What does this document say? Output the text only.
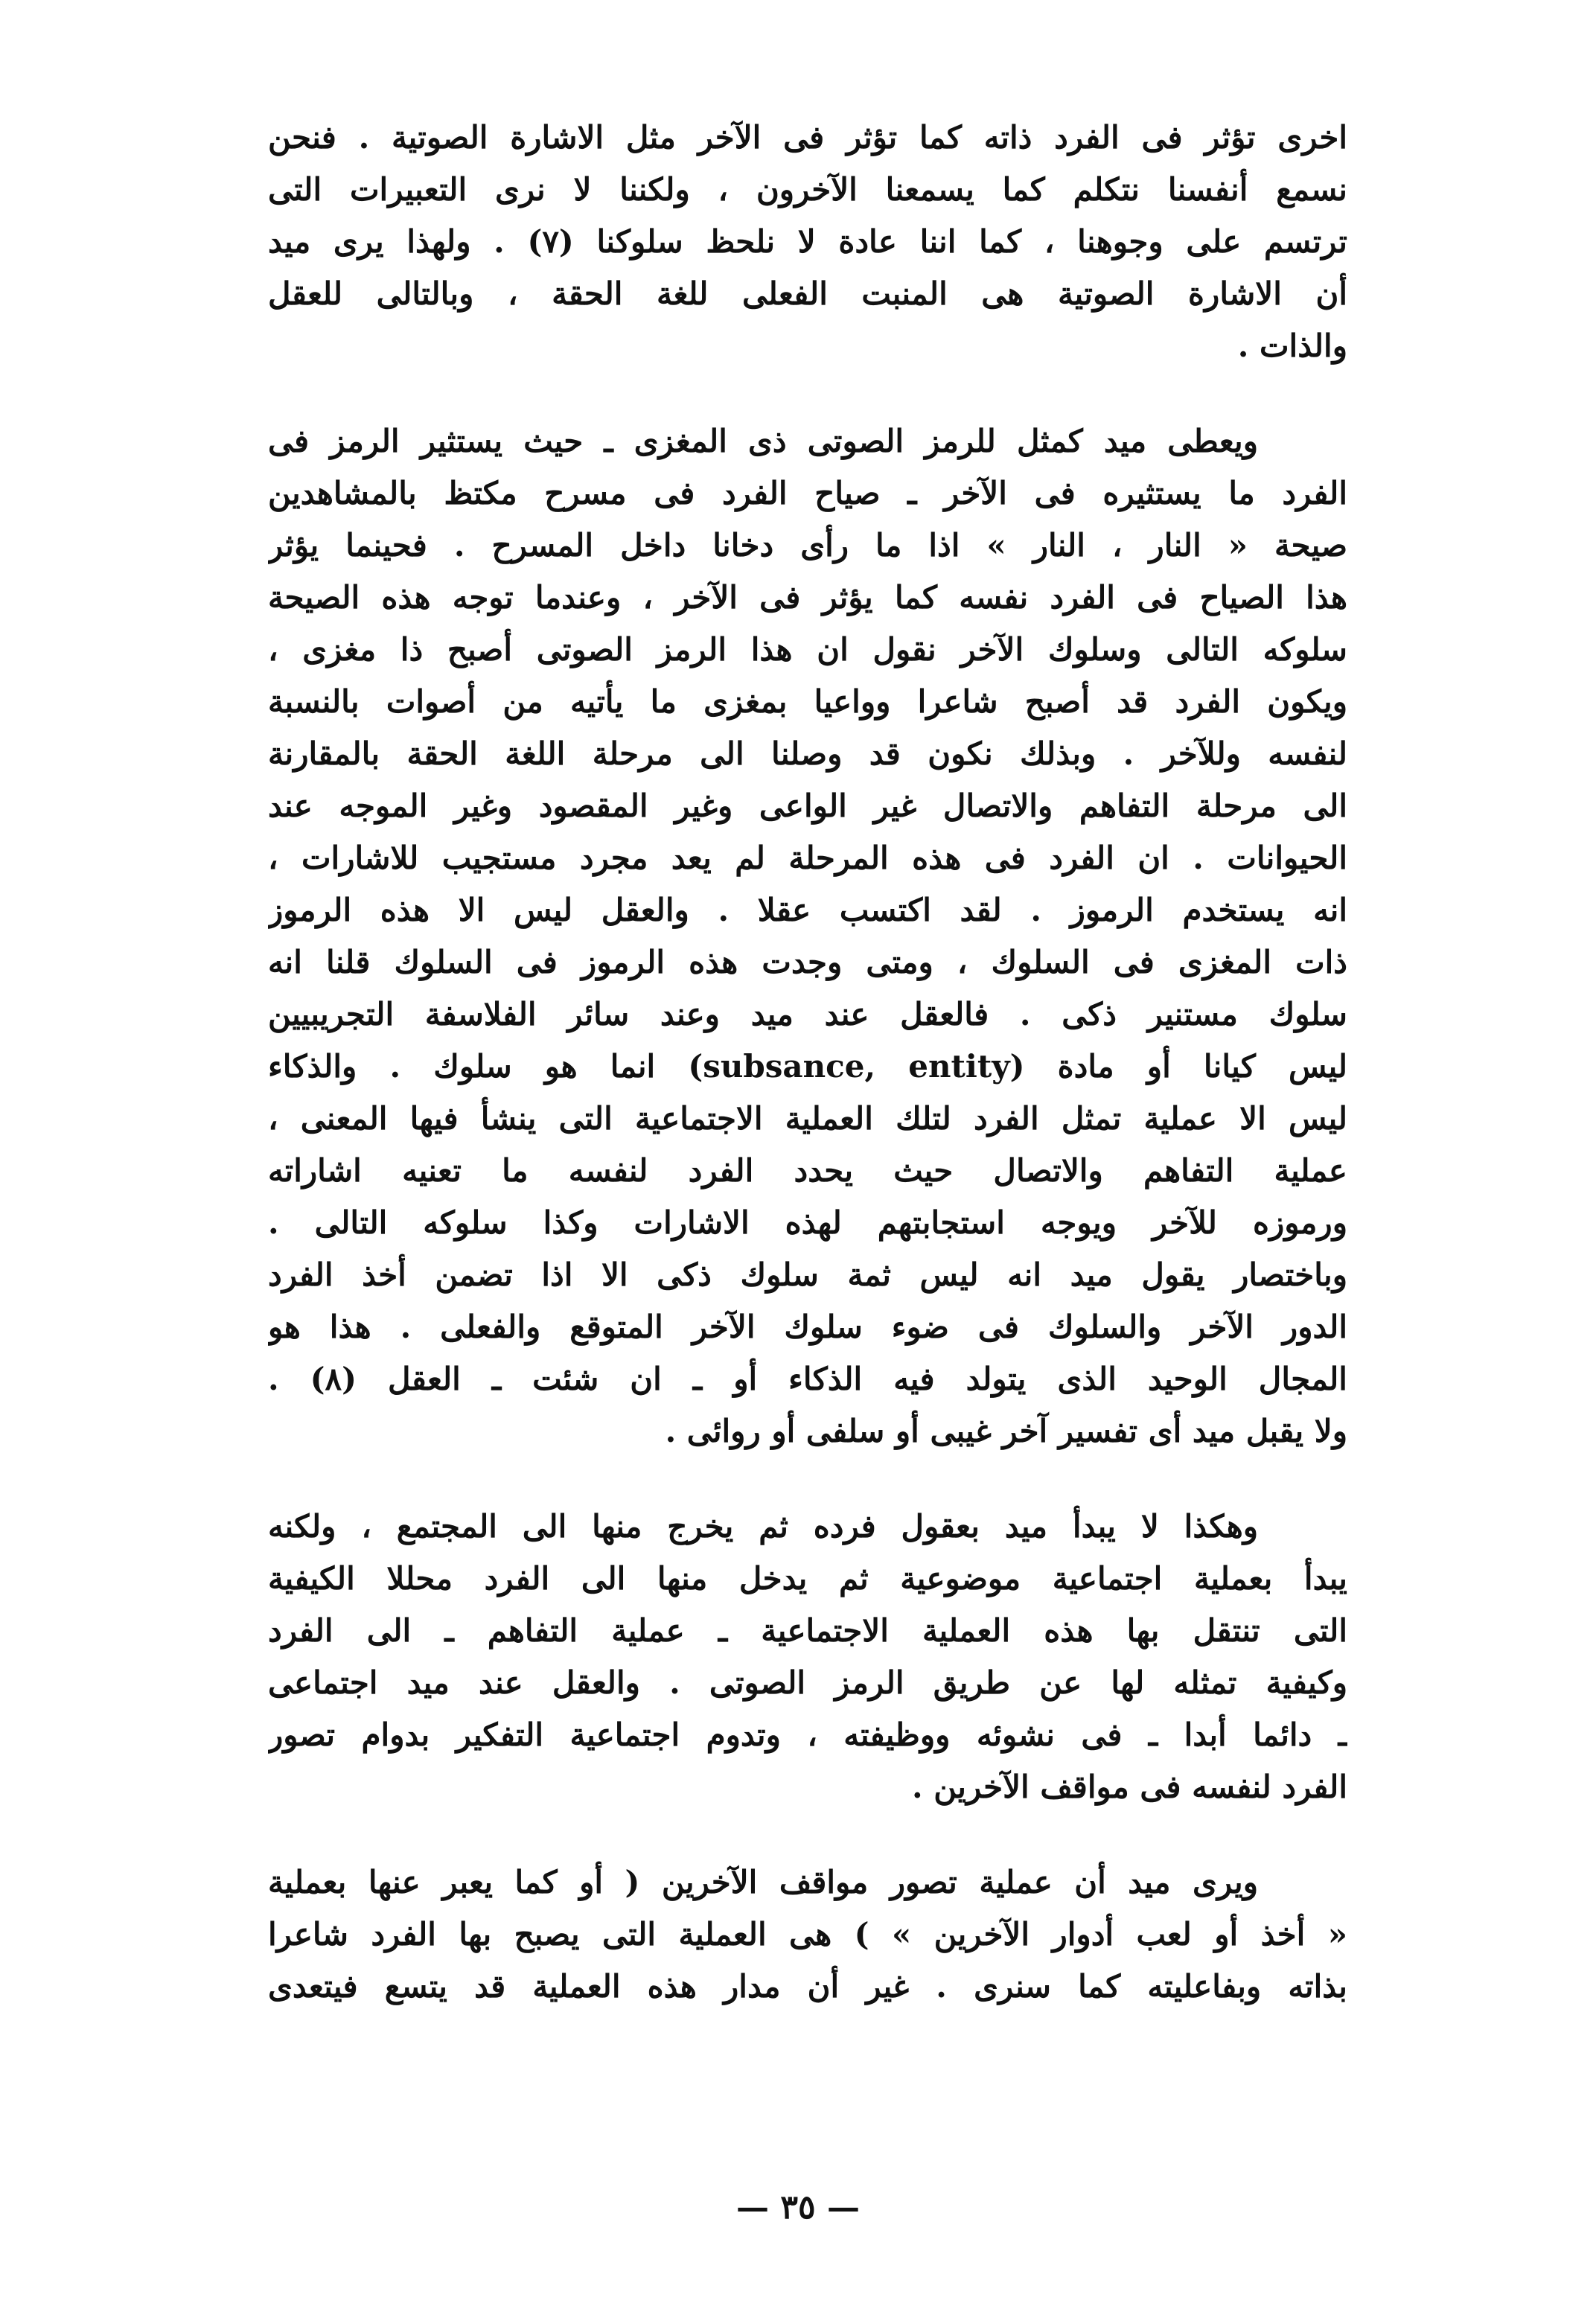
اخرى تؤثر فى الفرد ذاته كما تؤثر فى الآخر مثل الاشارة الصوتية . فنحن
نسمع أنفسنا نتكلم كما يسمعنا الآخرون ، ولكننا لا نرى التعبيرات التى
ترتسم على وجوهنا ، كما اننا عادة لا نلحظ سلوكنا (٧) . ولهذا يرى ميد
أن الاشارة الصوتية هى المنبت الفعلى للغة الحقة ، وبالتالى للعقل
والذات .
ويعطى ميد كمثل للرمز الصوتى ذى المغزى ـ حيث يستثير الرمز فى
الفرد ما يستثيره فى الآخر ـ صياح الفرد فى مسرح مكتظ بالمشاهدين
صيحة « النار ، النار » اذا ما رأى دخانا داخل المسرح . فحينما يؤثر
هذا الصياح فى الفرد نفسه كما يؤثر فى الآخر ، وعندما توجه هذه الصيحة
سلوكه التالى وسلوك الآخر نقول ان هذا الرمز الصوتى أصبح ذا مغزى ،
ويكون الفرد قد أصبح شاعرا وواعيا بمغزى ما يأتيه من أصوات بالنسبة
لنفسه وللآخر . وبذلك نكون قد وصلنا الى مرحلة اللغة الحقة بالمقارنة
الى مرحلة التفاهم والاتصال غير الواعى وغير المقصود وغير الموجه عند
الحيوانات . ان الفرد فى هذه المرحلة لم يعد مجرد مستجيب للاشارات ،
انه يستخدم الرموز . لقد اكتسب عقلا . والعقل ليس الا هذه الرموز
ذات المغزى فى السلوك ، ومتى وجدت هذه الرموز فى السلوك قلنا انه
سلوك مستنير ذكى . فالعقل عند ميد وعند سائر الفلاسفة التجريبيين
ليس كيانا أو مادة (subsance, entity) انما هو سلوك . والذكاء
ليس الا عملية تمثل الفرد لتلك العملية الاجتماعية التى ينشأ فيها المعنى ،
عملية التفاهم والاتصال حيث يحدد الفرد لنفسه ما تعنيه اشاراته
ورموزه للآخر ويوجه استجابتهم لهذه الاشارات وكذا سلوكه التالى .
وباختصار يقول ميد انه ليس ثمة سلوك ذكى الا اذا تضمن أخذ الفرد
الدور الآخر والسلوك فى ضوء سلوك الآخر المتوقع والفعلى . هذا هو
المجال الوحيد الذى يتولد فيه الذكاء أو ـ ان شئت ـ العقل (٨) .
ولا يقبل ميد أى تفسير آخر غيبى أو سلفى أو روائى .
وهكذا لا يبدأ ميد بعقول فرده ثم يخرج منها الى المجتمع ، ولكنه
يبدأ بعملية اجتماعية موضوعية ثم يدخل منها الى الفرد محللا الكيفية
التى تنتقل بها هذه العملية الاجتماعية ـ عملية التفاهم ـ الى الفرد
وكيفية تمثله لها عن طريق الرمز الصوتى . والعقل عند ميد اجتماعى
ـ دائما أبدا ـ فى نشوئه ووظيفته ، وتدوم اجتماعية التفكير بدوام تصور
الفرد لنفسه فى مواقف الآخرين .
ويرى ميد أن عملية تصور مواقف الآخرين ( أو كما يعبر عنها بعملية
« أخذ أو لعب أدوار الآخرين » ) هى العملية التى يصبح بها الفرد شاعرا
بذاته وبفاعليته كما سنرى . غير أن مدار هذه العملية قد يتسع فيتعدى
— ٣٥ —
